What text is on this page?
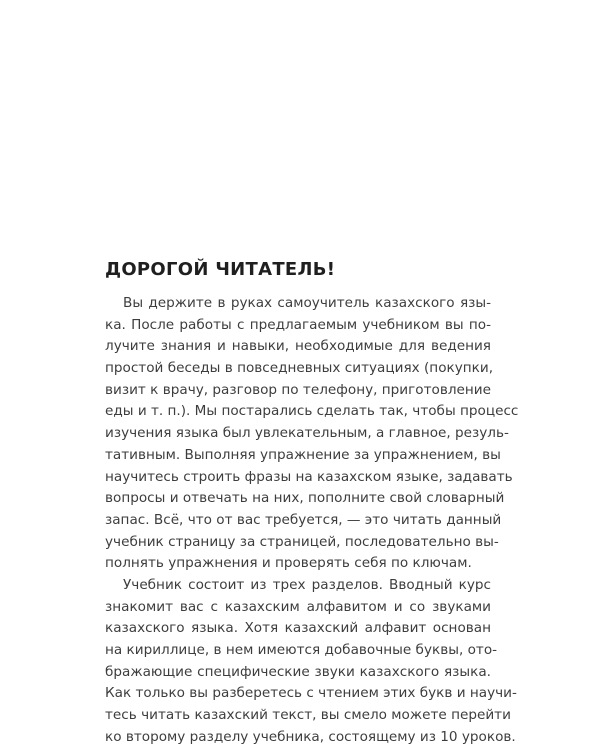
ДОРОГОЙ ЧИТАТЕЛЬ!
Вы держите в руках самоучитель казахского язы-
ка. После работы с предлагаемым учебником вы по-
лучите знания и навыки, необходимые для ведения
простой беседы в повседневных ситуациях (покупки,
визит к врачу, разговор по телефону, приготовление
еды и т. п.). Мы постарались сделать так, чтобы процесс
изучения языка был увлекательным, а главное, резуль-
тативным. Выполняя упражнение за упражнением, вы
научитесь строить фразы на казахском языке, задавать
вопросы и отвечать на них, пополните свой словарный
запас. Всё, что от вас требуется, — это читать данный
учебник страницу за страницей, последовательно вы-
полнять упражнения и проверять себя по ключам.
Учебник состоит из трех разделов. Вводный курс
знакомит вас с казахским алфавитом и со звуками
казахского языка. Хотя казахский алфавит основан
на кириллице, в нем имеются добавочные буквы, ото-
бражающие специфические звуки казахского языка.
Как только вы разберетесь с чтением этих букв и научи-
тесь читать казахский текст, вы смело можете перейти
ко второму разделу учебника, состоящему из 10 уроков.
